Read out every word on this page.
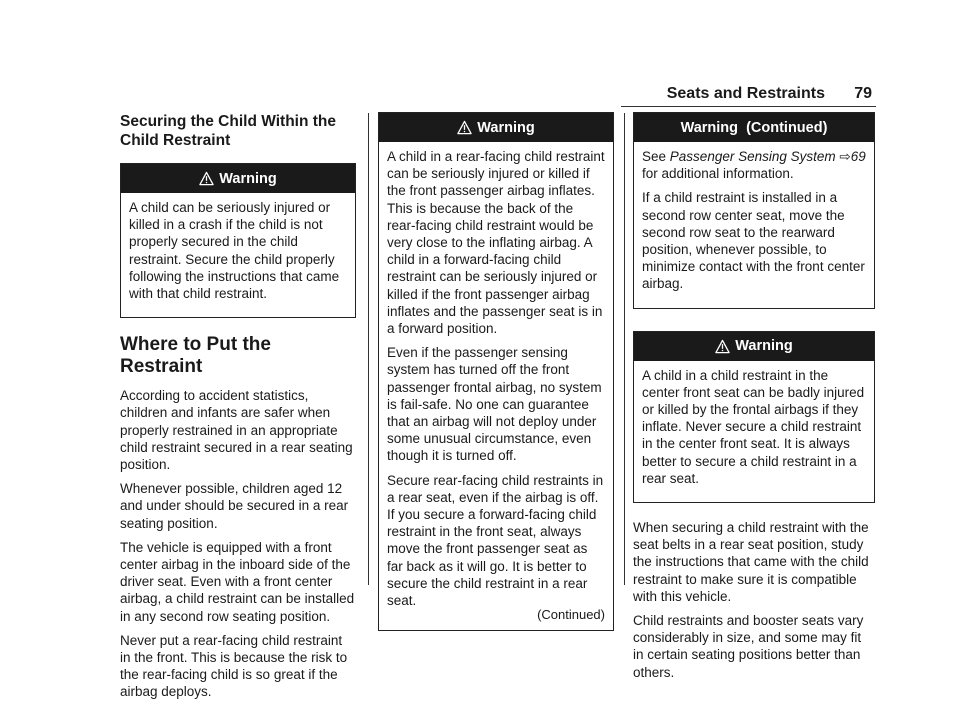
Seats and Restraints 79
Securing the Child Within the Child Restraint
Warning

A child can be seriously injured or killed in a crash if the child is not properly secured in the child restraint. Secure the child properly following the instructions that came with that child restraint.

Where to Put the Restraint

According to accident statistics, children and infants are safer when properly restrained in an appropriate child restraint secured in a rear seating position.

Whenever possible, children aged 12 and under should be secured in a rear seating position.

The vehicle is equipped with a front center airbag in the inboard side of the driver seat. Even with a front center airbag, a child restraint can be installed in any second row seating position.

Never put a rear-facing child restraint in the front. This is because the risk to the rear-facing child is so great if the airbag deploys.

Warning

A child in a rear-facing child restraint can be seriously injured or killed if the front passenger airbag inflates. This is because the back of the rear-facing child restraint would be very close to the inflating airbag. A child in a forward-facing child restraint can be seriously injured or killed if the front passenger airbag inflates and the passenger seat is in a forward position.

Even if the passenger sensing system has turned off the front passenger frontal airbag, no system is fail-safe. No one can guarantee that an airbag will not deploy under some unusual circumstance, even though it is turned off.

Secure rear-facing child restraints in a rear seat, even if the airbag is off. If you secure a forward-facing child restraint in the front seat, always move the front passenger seat as far back as it will go. It is better to secure the child restraint in a rear seat.

(Continued)
Warning  (Continued)

See Passenger Sensing System ⇨69 for additional information.

If a child restraint is installed in a second row center seat, move the second row seat to the rearward position, whenever possible, to minimize contact with the front center airbag.

Warning

A child in a child restraint in the center front seat can be badly injured or killed by the frontal airbags if they inflate. Never secure a child restraint in the center front seat. It is always better to secure a child restraint in a rear seat.

When securing a child restraint with the seat belts in a rear seat position, study the instructions that came with the child restraint to make sure it is compatible with this vehicle.

Child restraints and booster seats vary considerably in size, and some may fit in certain seating positions better than others.
